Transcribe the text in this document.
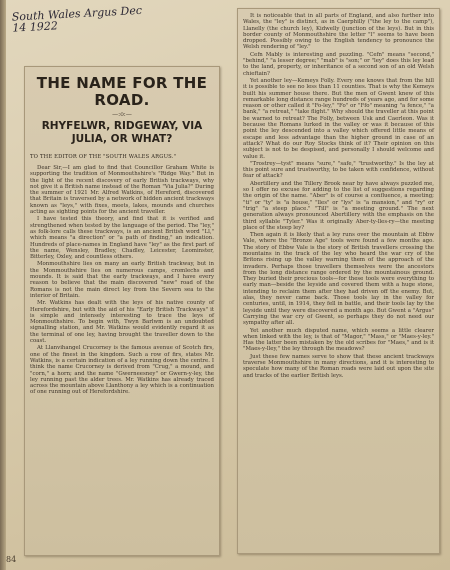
South Wales Argus Dec 14 1922
THE NAME FOR THE ROAD.
—:o:—
RHYFELWR, RIDGEWAY, VIA JULIA, OR WHAT?
TO THE EDITOR OF THE "SOUTH WALES ARGUS."

Dear Sir,—I am glad to find that Councillor Graham White is supporting the tradition of Monmouthshire's "Ridge Way." But in the light of the recent discovery of early British trackways, why not give it a British name instead of the Roman "Via Julia?" During the summer of 1921 Mr. Alfred Watkins, of Hereford, discovered that Britain is traversed by a network of hidden ancient trackways known as "leys," with fixes, meets, lakes, mounds and churches acting as sighting points for the ancient traveller.

I have tested this theory, and find that it is verified and strengthened when tested by the language of the period. The "ley," as folk-lore calls these trackways, is an ancient British word "Ll," which means "a direction" or "a path of finding," an indication. Hundreds of place-names in England have "ley" as the first part of the name, Wensley, Bradley, Chadley, Leicester, Leominster, Bitterley, Oxley, and countless others.

Monmouthshire lies on many an early British trackway, but in the Monmouthshire lies on numerous camps, cromlechs and mounds. It is said that the early trackways, and I have every reason to believe that the main discovered "new" road of the Romans is not the main direct ley from the Severn sea to the interior of Britain.

Mr. Watkins has dealt with the leys of his native county of Herefordshire, but with the aid of his "Early British Trackways" it is simple and intensely interesting to trace the leys of Monmouthshire. To begin with, Twyn Barlwm is an undoubted signalling station, and Mr. Watkins would evidently regard it as the terminal of one ley, having brought the traveller down to the coast.

At Llanvihangel Crucorney is the famous avenue of Scotch firs, one of the finest in the kingdom. Such a row of firs, states Mr. Watkins, is a certain indication of a ley running down the centre. I think the name Crucorney is derived from "Crug," a mound, and "corn," a horn; and the name "Gwerneesney" or Gwern-y-ley, the ley running past the alder trees. Mr. Watkins has already traced across the mountain above Llanthony a ley which is a continuation of one running out of Herefordshire.

It is noticeable that in all parts of England, and also further into Wales, the "ley" is distinct, as in Caerphilly ("the ley to the camp"), Llanelly (the church ley), Kidwelly (junction of the leys). But in this border county of Monmouthshire the letter "l" seems to have been dropped. Possibly owing to the English tendency to pronounce the Welsh rendering of "ley."

Cefn Mably is interesting and puzzling. "Cefn" means "second," "behind," "a lesser degree;" "mab" is "son;" or "ley" does this ley lead to the land, property, or inheritance of a second son of an old Welsh chieftain?

Yet another ley—Kemeys Folly. Every one knows that from the hill it is possible to see no less than 11 counties. That is why the Kemeys built his summer house there. But the men of Gwent knew of this remarkable long distance range hundreds of years ago, and for some reason or other called it "Fo-ley," "Fo" or "Ffo" meaning "a fence," "a bank," "a retreat," "take flight." Why should the traveller at this point be warned to retreat? The Folly, between Usk and Caerleon. Was it because the Romans lurked in the valley or was it because of this point the ley descended into a valley which offered little means of escape and less advantage than the higher ground in case of an attack? What do our Roy Stocks think of it? Their opinion on this subject is not to be despised, and personally I should welcome and value it.

"Trostrey—tyst" means "sure," "safe," "trustworthy." Is the ley at this point sure and trustworthy, to be taken with confidence, without fear of attack?

Abertillery and the Tillery Brook near by have always puzzled me, so I offer no excuse for adding to the list of suggestions regarding the origin of the name. "Aber" is of course a confluence, a meeting; "ti" or "ty" is "a house," "lles" or "lys" is "a mansion," and "ry" or "trig" "a steep place." "Till" is "a meeting ground." The next generation always pronounced Abertillery with the emphasis on the third syllable "Tyler." Was it originally Aber-ty-lles-ry—the meeting place of the steep ley?

Then again it is likely that a ley runs over the mountain at Ebbw Vale, where the "Bronze Age" tools were found a few months ago. The story of Ebbw Vale is the story of British travellers crossing the mountains in the track of the ley who heard the war cry of the Britons rising up the valley warning them of the approach of the invaders. Perhaps those travellers themselves were the ancestors from the long distance range ordered by the mountainous ground. They buried their precious tools—for these tools were everything to early man—beside the leyside and covered them with a huge stone, intending to reclaim them after they had driven off the enemy. But, alas, they never came back. Those tools lay in the valley for centuries, until, in 1914, they fell in battle, and their tools lay by the leyside until they were discovered a month ago. But Gwent a "Argus" Carrying the war cry of Gwent, so perhaps they do not need our sympathy after all.

Yet another much disputed name, which seems a little clearer when linked with the ley, is that of "Magor," "Mass," or "Maes-y-ley." Has the latter been mistaken by the old scribes for "Maes," and is it "Maes-y-lley," the ley through the meadows?

Just these few names serve to show that these ancient trackways traverse Monmouthshire in many directions, and it is interesting to speculate how many of the Roman roads were laid out upon the site and tracks of the earlier British leys.

84
